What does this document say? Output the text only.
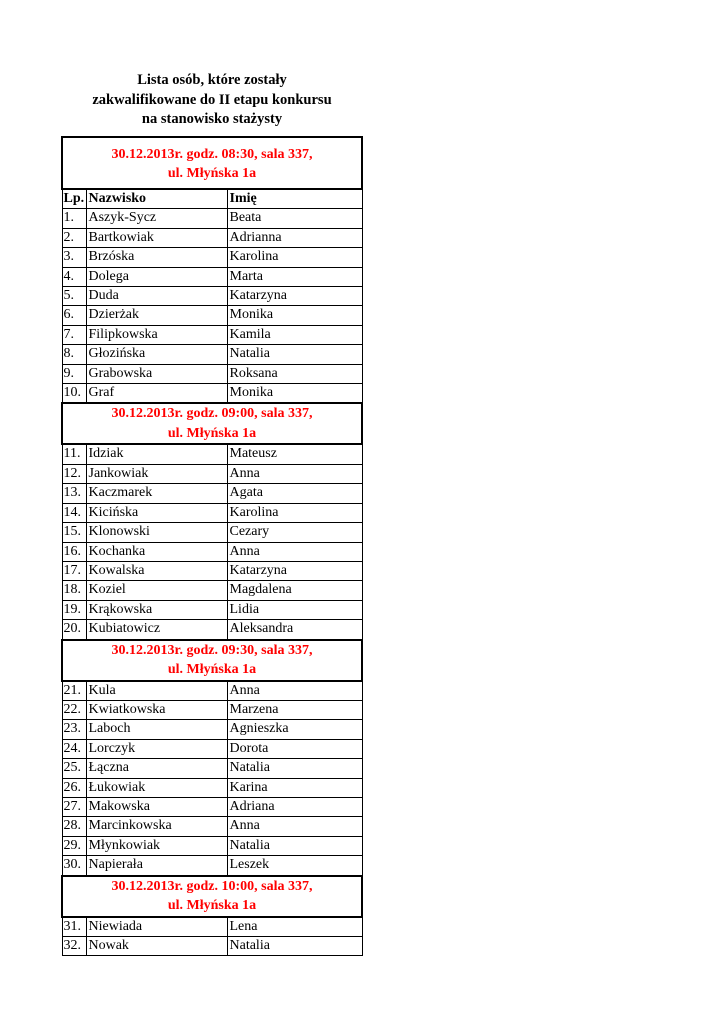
Lista osób, które zostały
zakwalifikowane do II etapu konkursu
na stanowisko stażysty
30.12.2013r. godz. 08:30, sala 337,
ul. Młyńska 1a		

Lp.	Nazwisko	Imię
1.	Aszyk-Sycz	Beata
2.	Bartkowiak	Adrianna
3.	Brzóska	Karolina
4.	Dolega	Marta
5.	Duda	Katarzyna
6.	Dzierżak	Monika
7.	Filipkowska	Kamila
8.	Głozińska	Natalia
9.	Grabowska	Roksana
10.	Graf	Monika

30.12.2013r. godz. 09:00, sala 337,
ul. Młyńska 1a		

11.	Idziak	Mateusz
12.	Jankowiak	Anna
13.	Kaczmarek	Agata
14.	Kicińska	Karolina
15.	Klonowski	Cezary
16.	Kochanka	Anna
17.	Kowalska	Katarzyna
18.	Koziel	Magdalena
19.	Krąkowska	Lidia
20.	Kubiatowicz	Aleksandra

30.12.2013r. godz. 09:30, sala 337,
ul. Młyńska 1a		

21.	Kula	Anna
22.	Kwiatkowska	Marzena
23.	Laboch	Agnieszka
24.	Lorczyk	Dorota
25.	Łączna	Natalia
26.	Łukowiak	Karina
27.	Makowska	Adriana
28.	Marcinkowska	Anna
29.	Młynkowiak	Natalia
30.	Napierała	Leszek

30.12.2013r. godz. 10:00, sala 337,
ul. Młyńska 1a		

31.	Niewiada	Lena
32.	Nowak	Natalia
